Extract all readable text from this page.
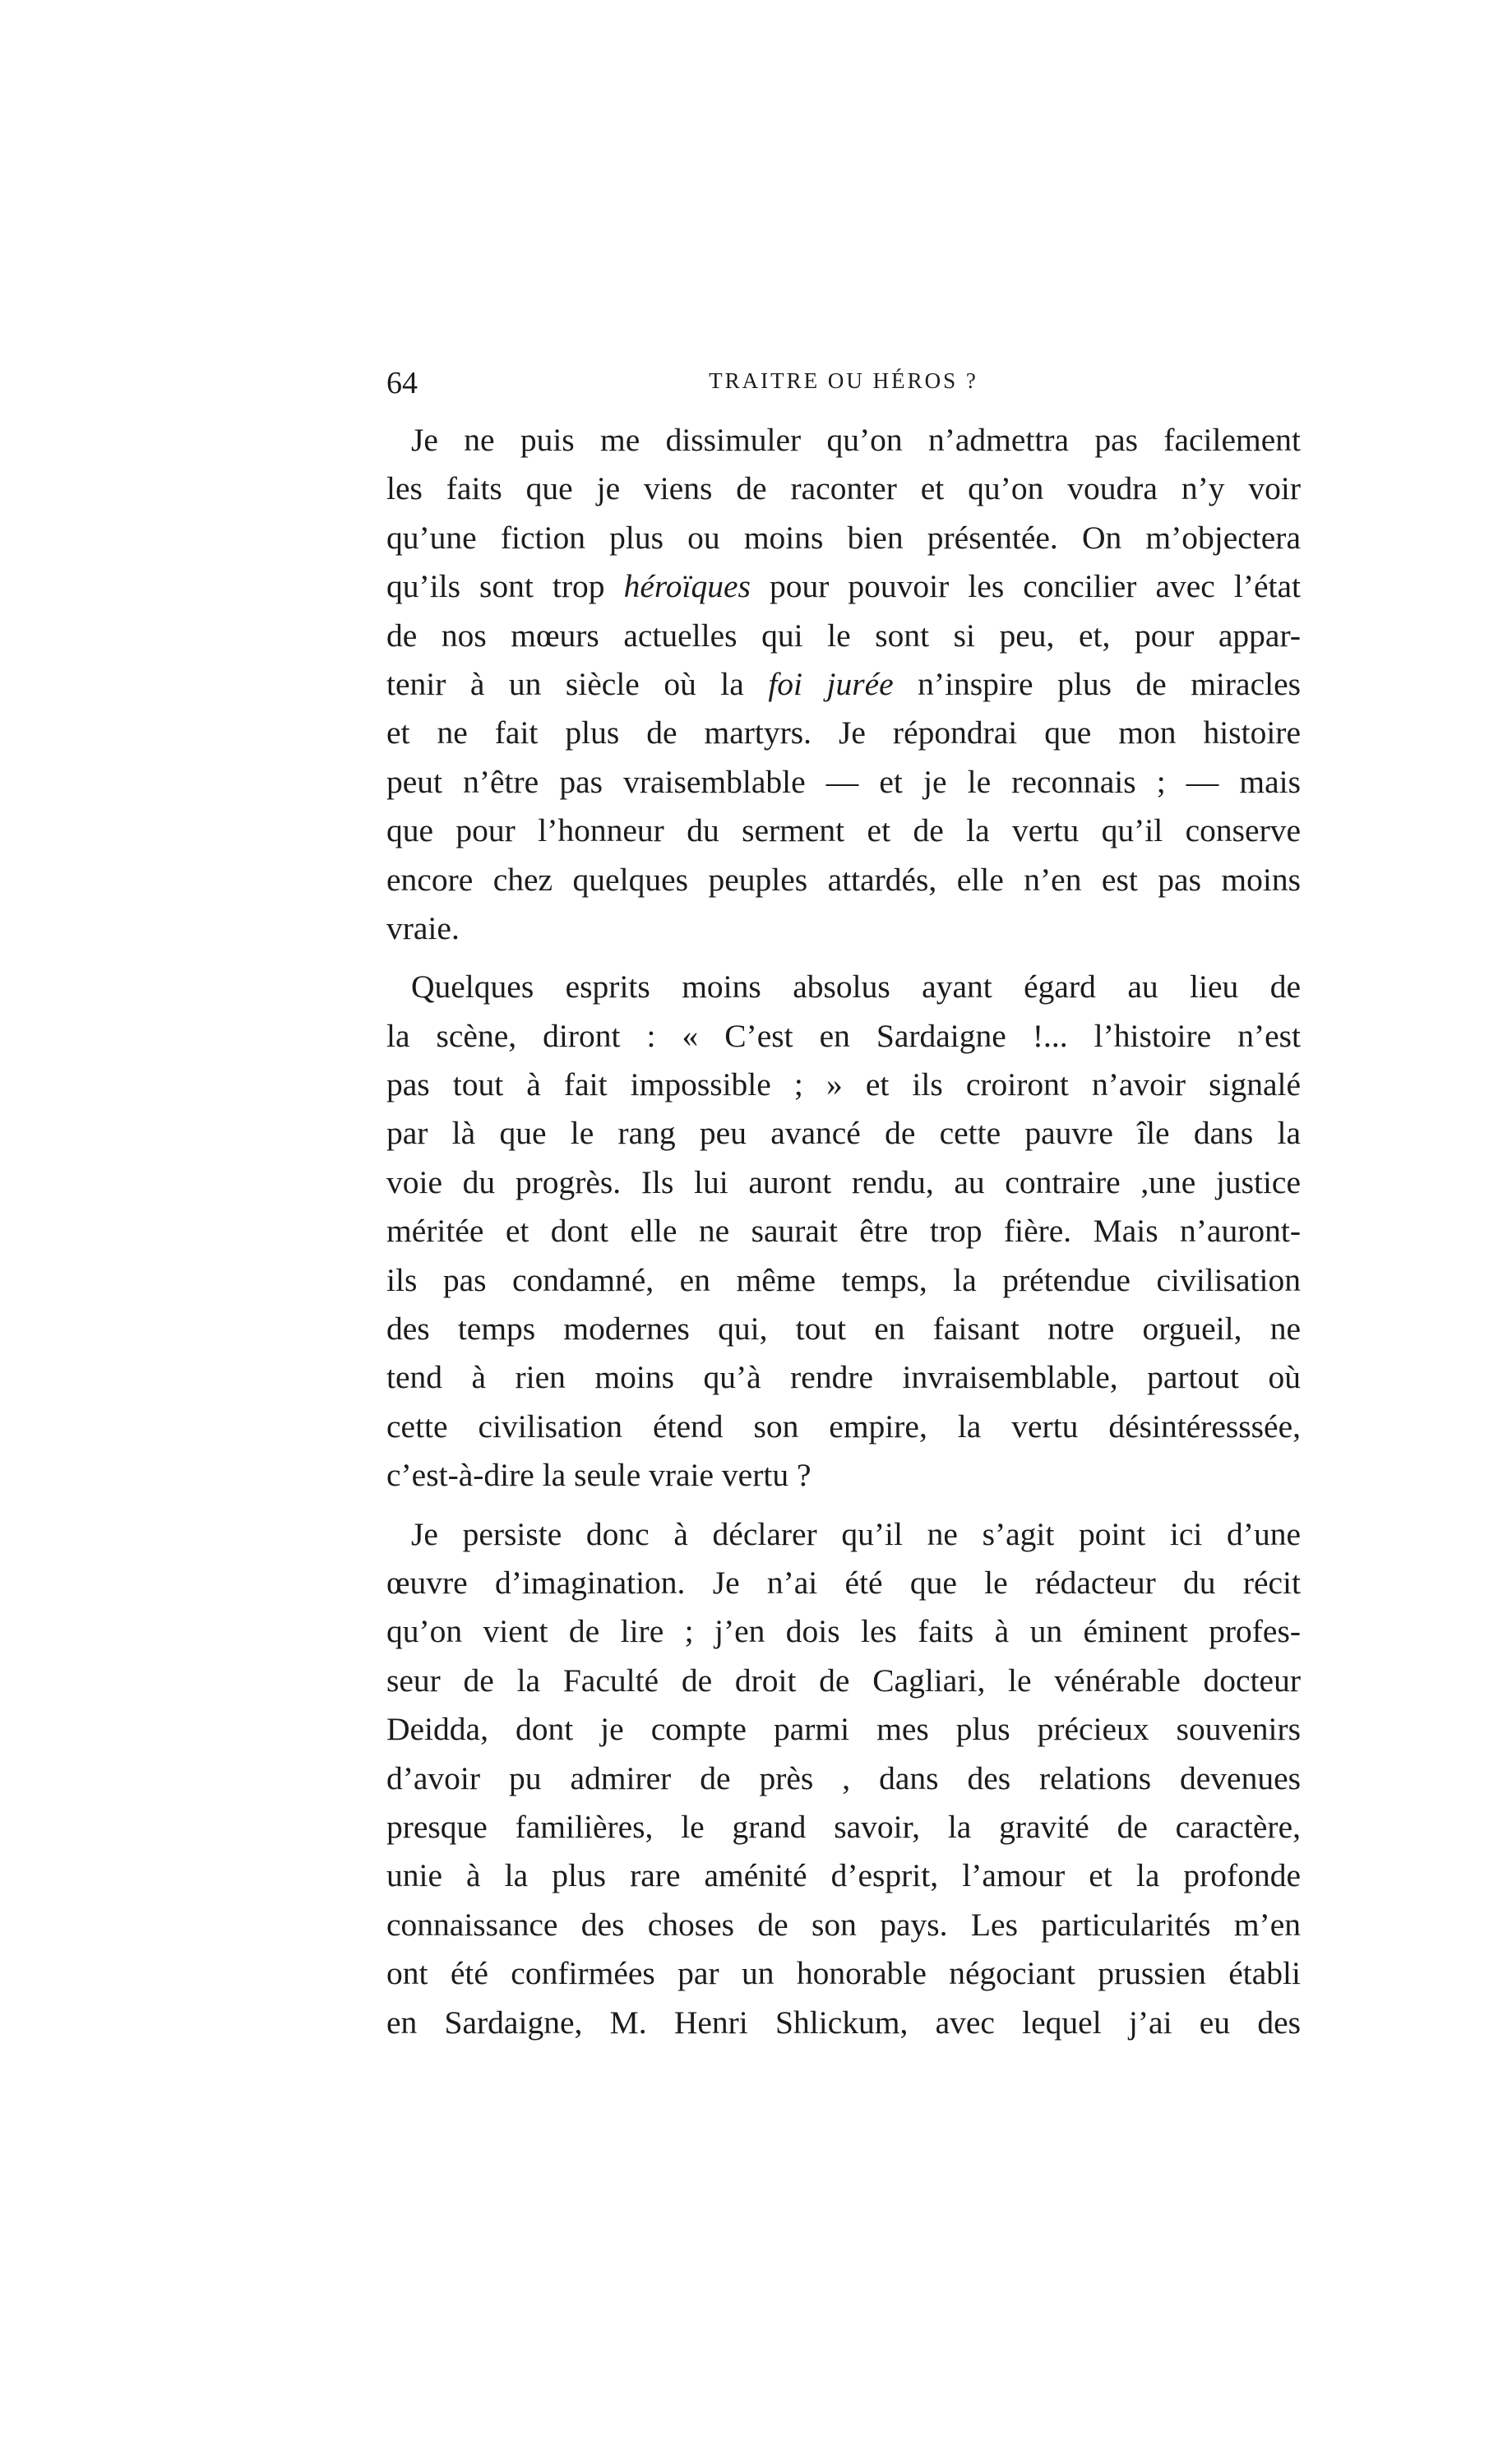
64	TRAITRE OU HÉROS ?
Je ne puis me dissimuler qu’on n’admettra pas facilement
les faits que je viens de raconter et qu’on voudra n’y voir
qu’une fiction plus ou moins bien présentée. On m’objectera
qu’ils sont trop héroïques pour pouvoir les concilier avec l’état
de nos mœurs actuelles qui le sont si peu, et, pour appar-
tenir à un siècle où la foi jurée n’inspire plus de miracles
et ne fait plus de martyrs. Je répondrai que mon histoire
peut n’être pas vraisemblable — et je le reconnais ; — mais
que pour l’honneur du serment et de la vertu qu’il conserve
encore chez quelques peuples attardés, elle n’en est pas moins
vraie.
Quelques esprits moins absolus ayant égard au lieu de
la scène, diront : « C’est en Sardaigne !... l’histoire n’est
pas tout à fait impossible ; » et ils croiront n’avoir signalé
par là que le rang peu avancé de cette pauvre île dans la
voie du progrès. Ils lui auront rendu, au contraire ,une justice
méritée et dont elle ne saurait être trop fière. Mais n’auront-
ils pas condamné, en même temps, la prétendue civilisation
des temps modernes qui, tout en faisant notre orgueil, ne
tend à rien moins qu’à rendre invraisemblable, partout où
cette civilisation étend son empire, la vertu désintéresssée,
c’est-à-dire la seule vraie vertu ?
Je persiste donc à déclarer qu’il ne s’agit point ici d’une
œuvre d’imagination. Je n’ai été que le rédacteur du récit
qu’on vient de lire ; j’en dois les faits à un éminent profes-
seur de la Faculté de droit de Cagliari, le vénérable docteur
Deidda, dont je compte parmi mes plus précieux souvenirs
d’avoir pu admirer de près , dans des relations devenues
presque familières, le grand savoir, la gravité de caractère,
unie à la plus rare aménité d’esprit, l’amour et la profonde
connaissance des choses de son pays. Les particularités m’en
ont été confirmées par un honorable négociant prussien établi
en Sardaigne, M. Henri Shlickum, avec lequel j’ai eu des
